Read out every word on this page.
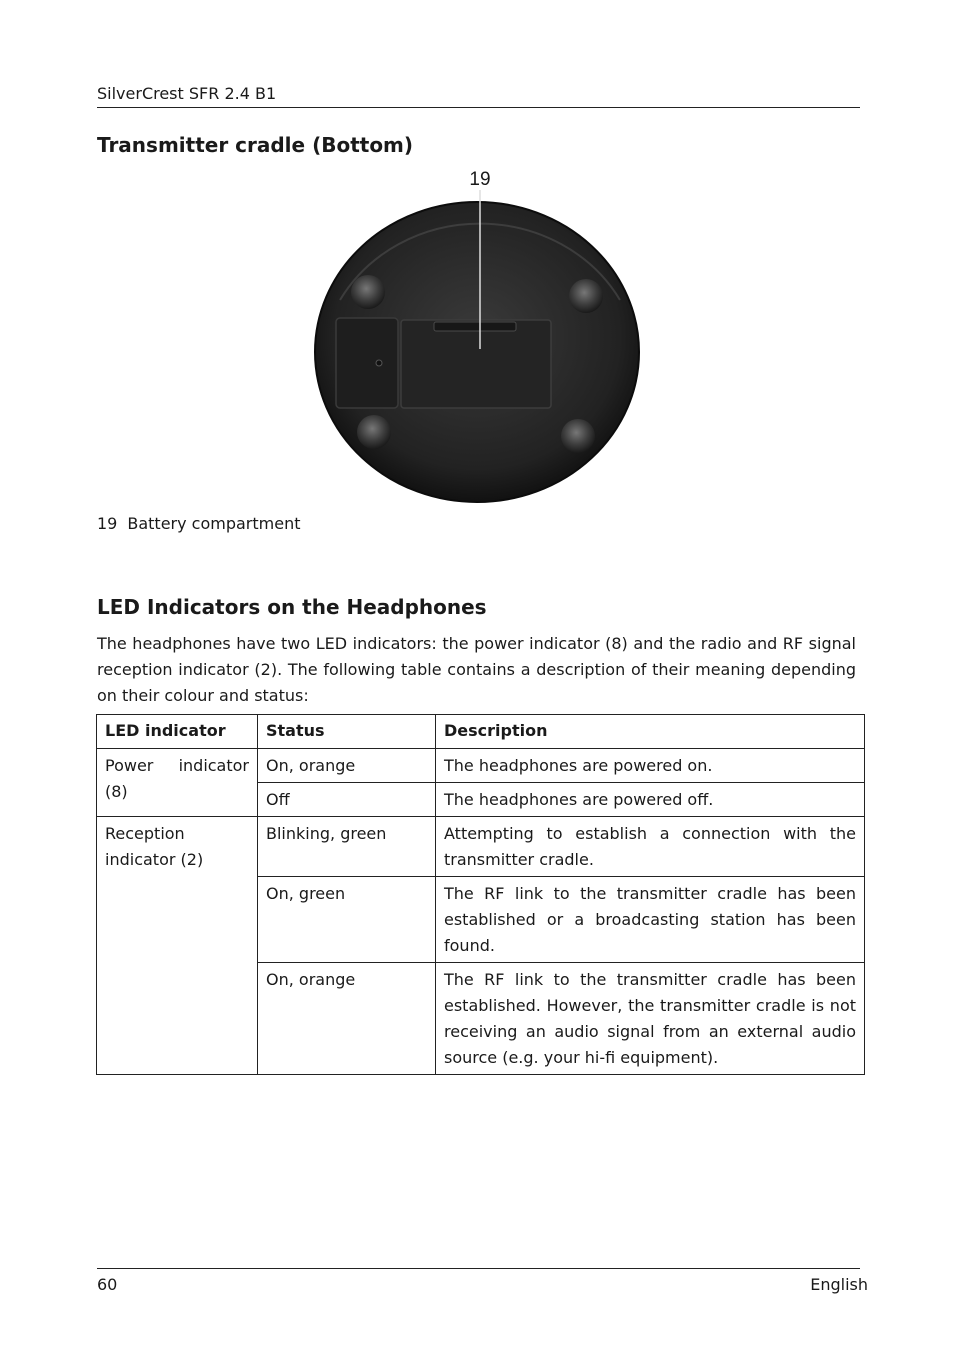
SilverCrest SFR 2.4 B1
Transmitter cradle (Bottom)
19
19 Battery compartment
LED Indicators on the Headphones
The headphones have two LED indicators: the power indicator (8) and the radio and RF signal reception indicator (2). The following table contains a description of their meaning depending on their colour and status:
LED indicator	Status	Description
Power indicator (8)	On, orange	The headphones are powered on.
	Off	The headphones are powered off.
Reception indicator (2)	Blinking, green	Attempting to establish a connection with the transmitter cradle.
	On, green	The RF link to the transmitter cradle has been established or a broadcasting station has been found.
	On, orange	The RF link to the transmitter cradle has been established. However, the transmitter cradle is not receiving an audio signal from an external audio source (e.g. your hi-fi equipment).
60	English
